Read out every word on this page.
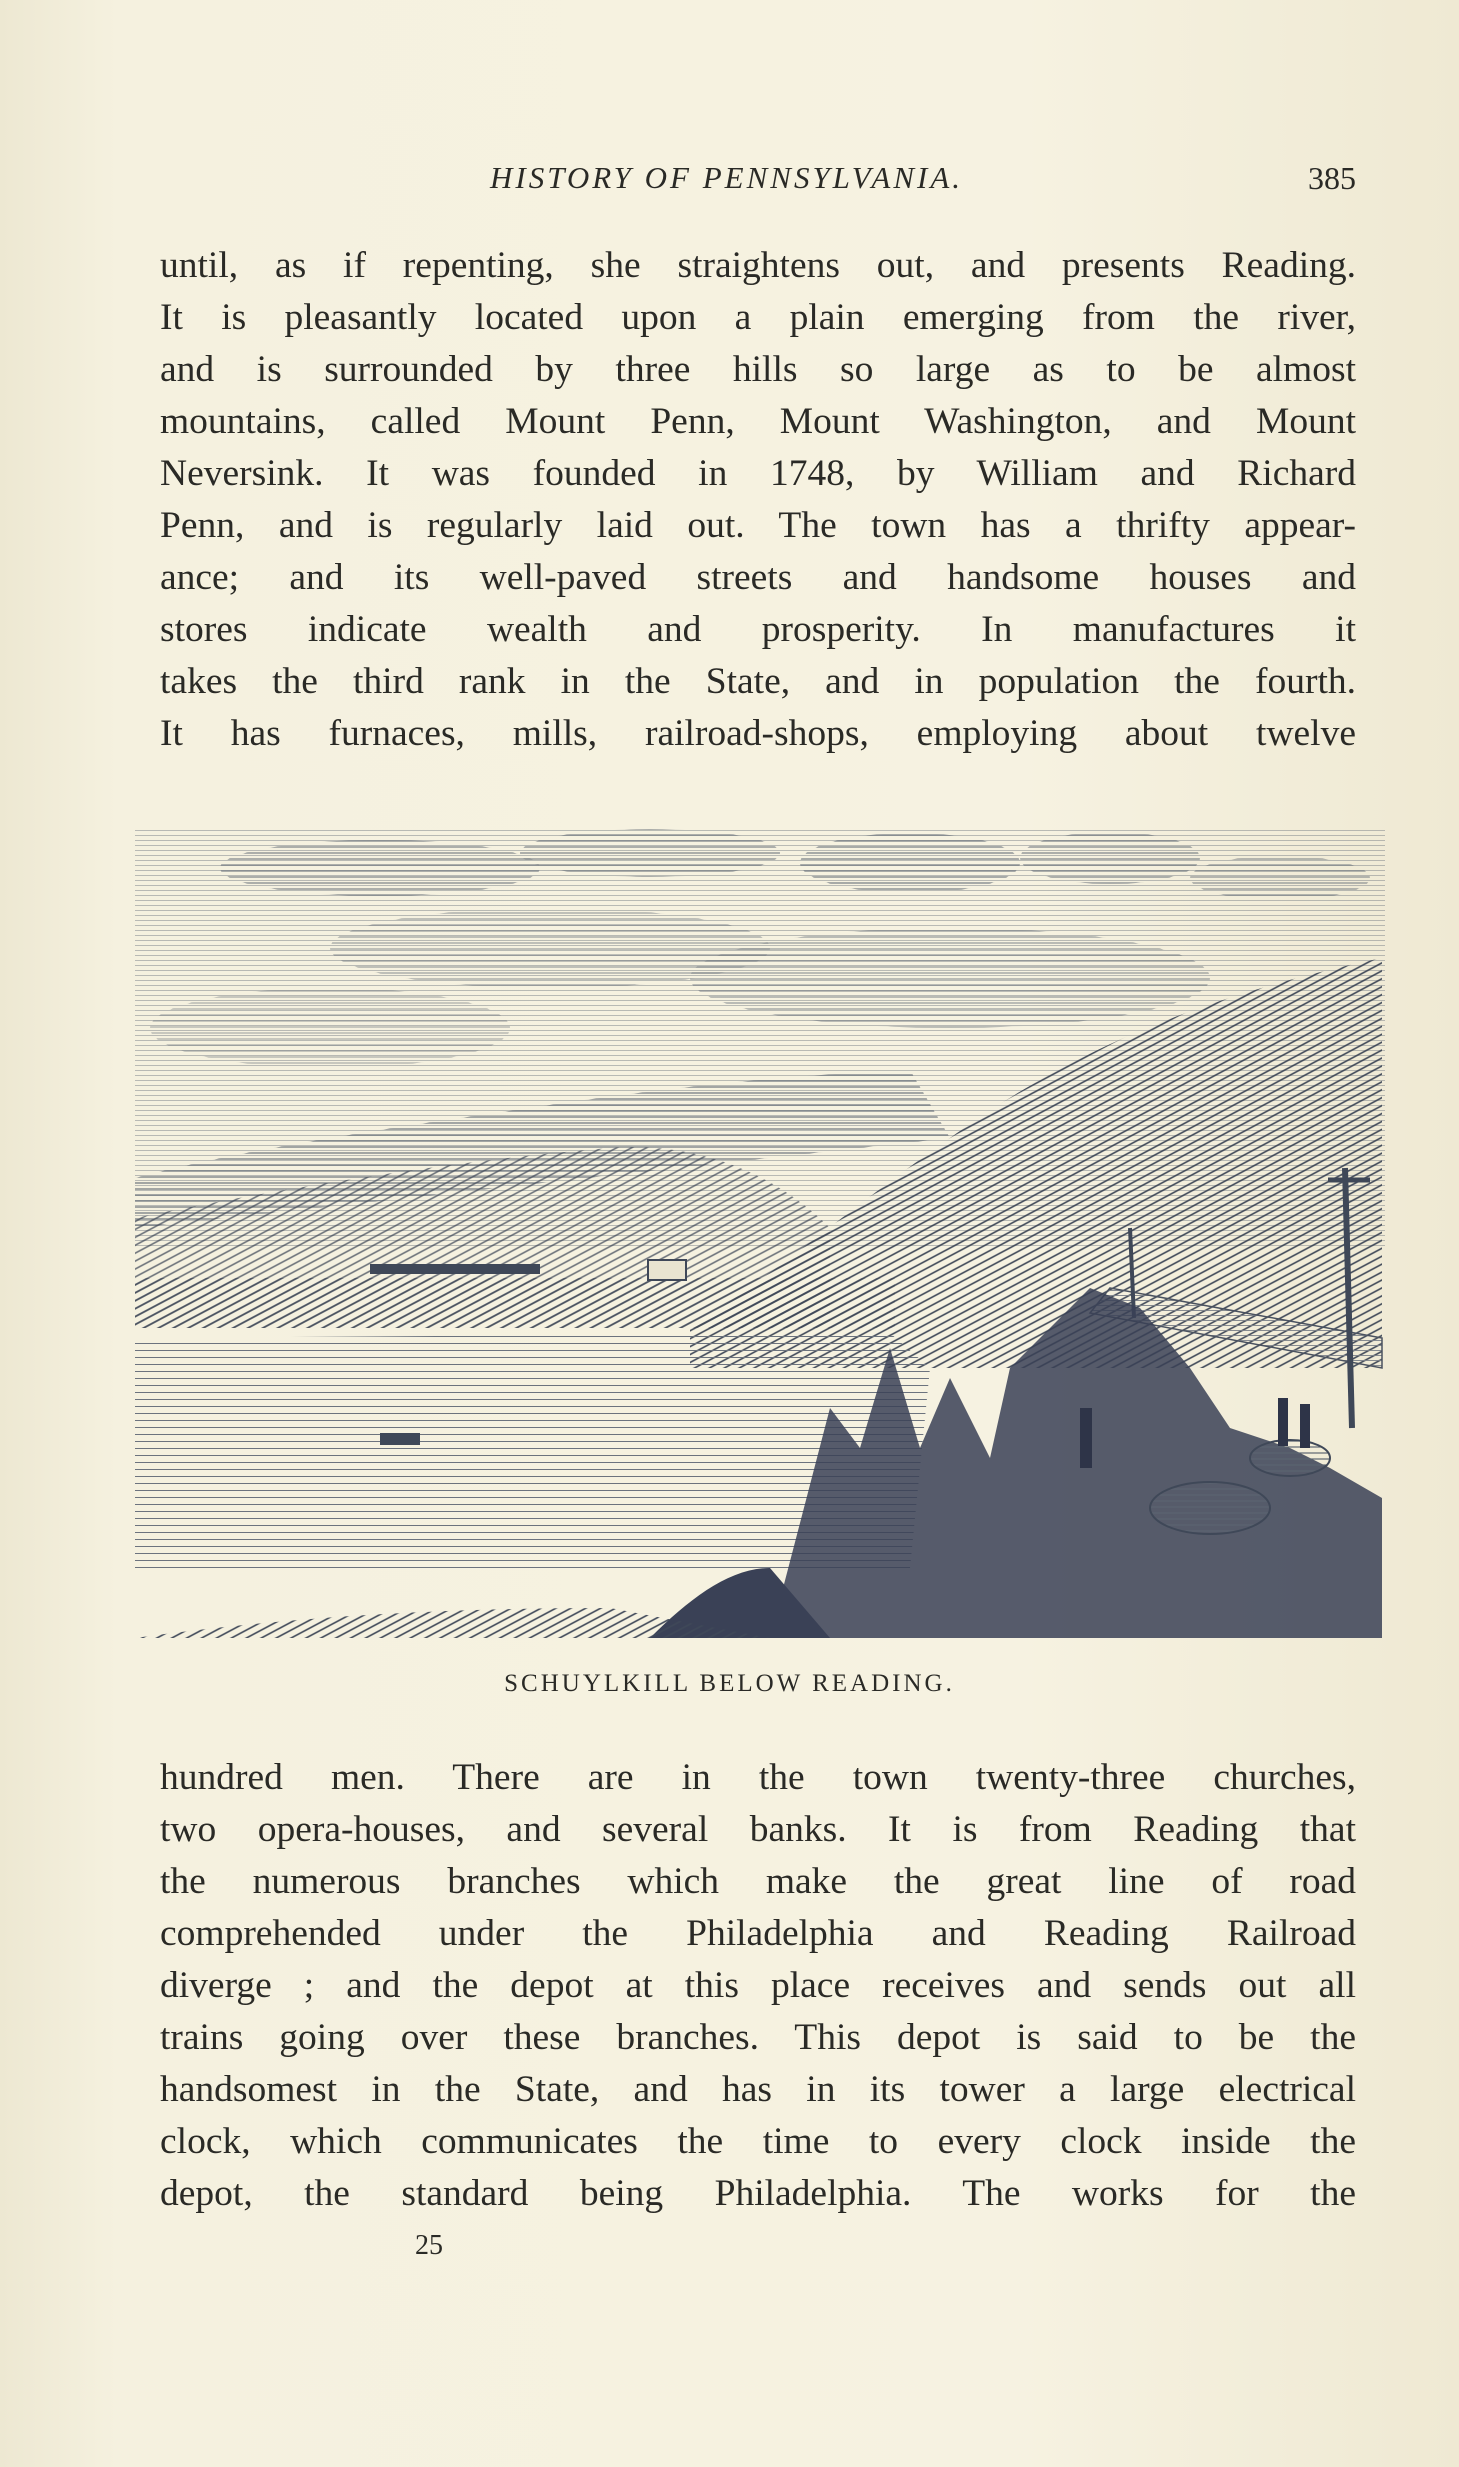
HISTORY OF PENNSYLVANIA.	385

until, as if repenting, she straightens out, and presents Reading.
It is pleasantly located upon a plain emerging from the river,
and is surrounded by three hills so large as to be almost
mountains, called Mount Penn, Mount Washington, and Mount
Neversink. It was founded in 1748, by William and Richard
Penn, and is regularly laid out. The town has a thrifty appear-
ance; and its well-paved streets and handsome houses and
stores indicate wealth and prosperity. In manufactures it
takes the third rank in the State, and in population the fourth.
It has furnaces, mills, railroad-shops, employing about twelve

SCHUYLKILL BELOW READING.

hundred men. There are in the town twenty-three churches,
two opera-houses, and several banks. It is from Reading that
the numerous branches which make the great line of road
comprehended under the Philadelphia and Reading Railroad
diverge ; and the depot at this place receives and sends out all
trains going over these branches. This depot is said to be the
handsomest in the State, and has in its tower a large electrical
clock, which communicates the time to every clock inside the
depot, the standard being Philadelphia. The works for the

25
